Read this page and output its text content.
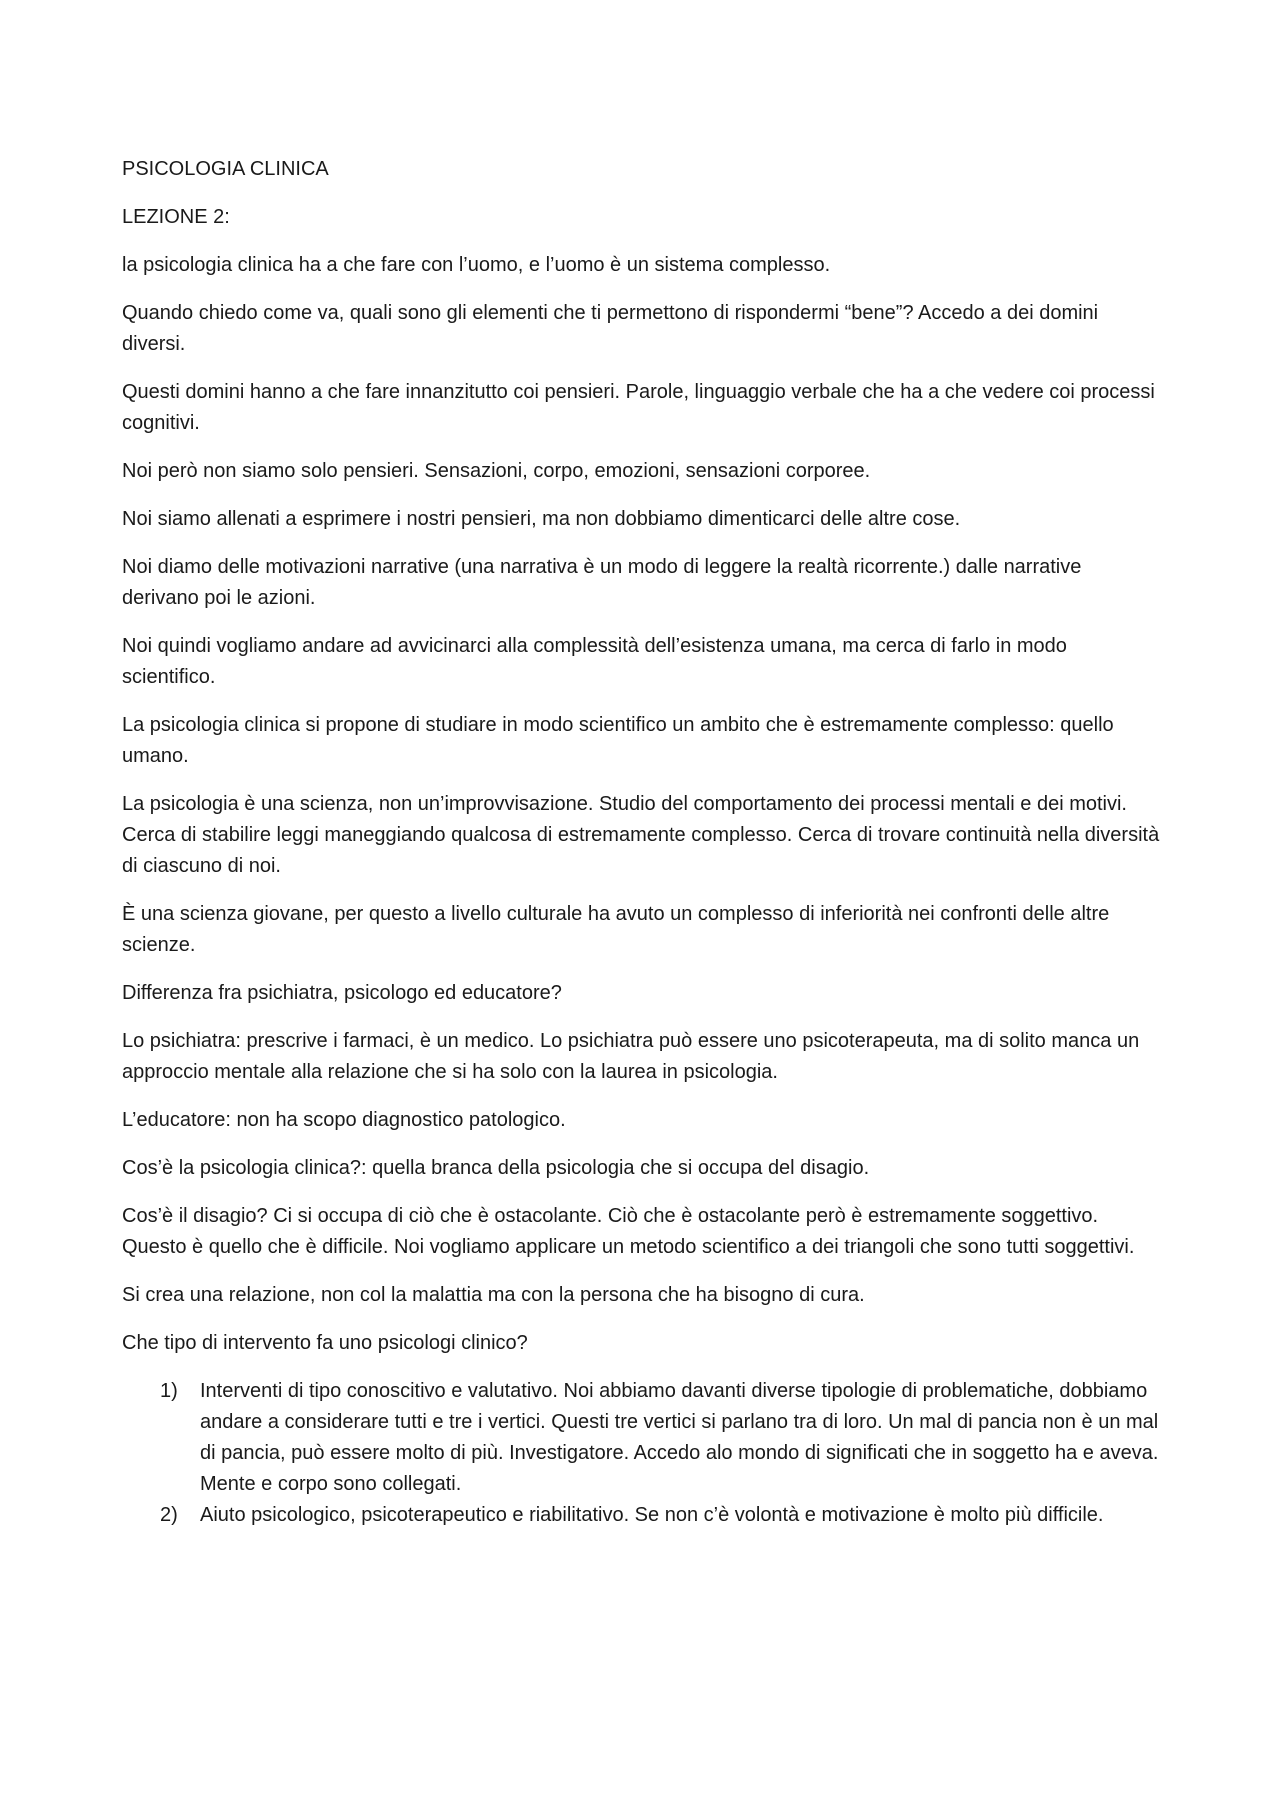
PSICOLOGIA CLINICA

LEZIONE 2:

la psicologia clinica ha a che fare con l’uomo, e l’uomo è un sistema complesso.

Quando chiedo come va, quali sono gli elementi che ti permettono di rispondermi “bene”? Accedo a dei domini diversi.

Questi domini hanno a che fare innanzitutto coi pensieri. Parole, linguaggio verbale che ha a che vedere coi processi cognitivi.

Noi però non siamo solo pensieri. Sensazioni, corpo, emozioni, sensazioni corporee.

Noi siamo allenati a esprimere i nostri pensieri, ma non dobbiamo dimenticarci delle altre cose.

Noi diamo delle motivazioni narrative (una narrativa è un modo di leggere la realtà ricorrente.) dalle narrative derivano poi le azioni.

Noi quindi vogliamo andare ad avvicinarci alla complessità dell’esistenza umana, ma cerca di farlo in modo scientifico.

La psicologia clinica si propone di studiare in modo scientifico un ambito che è estremamente complesso: quello umano.

La psicologia è una scienza, non un’improvvisazione. Studio del comportamento dei processi mentali e dei motivi. Cerca di stabilire leggi maneggiando qualcosa di estremamente complesso. Cerca di trovare continuità nella diversità di ciascuno di noi.

È una scienza giovane, per questo a livello culturale ha avuto un complesso di inferiorità nei confronti delle altre scienze.

Differenza fra psichiatra, psicologo ed educatore?

Lo psichiatra: prescrive i farmaci, è un medico. Lo psichiatra può essere uno psicoterapeuta, ma di solito manca un approccio mentale alla relazione che si ha solo con la laurea in psicologia.

L’educatore: non ha scopo diagnostico patologico.

Cos’è la psicologia clinica?: quella branca della psicologia che si occupa del disagio.

Cos’è il disagio? Ci si occupa di ciò che è ostacolante. Ciò che è ostacolante però è estremamente soggettivo. Questo è quello che è difficile. Noi vogliamo applicare un metodo scientifico a dei triangoli che sono tutti soggettivi.

Si crea una relazione, non col la malattia ma con la persona che ha bisogno di cura.

Che tipo di intervento fa uno psicologi clinico?

1) Interventi di tipo conoscitivo e valutativo. Noi abbiamo davanti diverse tipologie di problematiche, dobbiamo andare a considerare tutti e tre i vertici. Questi tre vertici si parlano tra di loro. Un mal di pancia non è un mal di pancia, può essere molto di più. Investigatore. Accedo alo mondo di significati che in soggetto ha e aveva. Mente e corpo sono collegati.
2) Aiuto psicologico, psicoterapeutico e riabilitativo. Se non c’è volontà e motivazione è molto più difficile.
